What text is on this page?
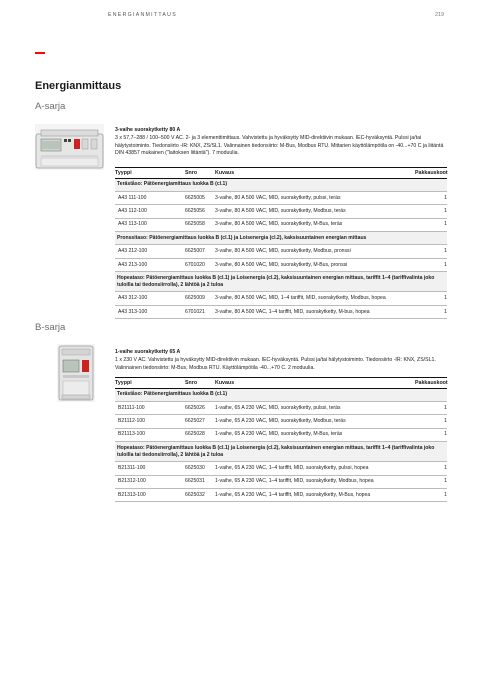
ENERGIANMITTAUS	219
Energianmittaus
A-sarja
3-vaihe suorakytketty 80 A
3 x 57,7–288 / 100–500 V AC. 2- ja 3 elementtimittaus. Vahvistettu ja hyväksytty MID-direktiivin mukaan. IEC-hyväksyntä. Pulssi ja/tai hälytystoiminto. Tiedonsiirto -IR: KNX, ZS/SL1. Valinnainen tiedonsiirto: M-Bus, Modbus RTU. Mittarien käyttölämpötila on -40...+70 C ja liitäntä DIN 43857 mukainen ("laitoksen liitäntä"). 7 moduulia.
Tyyppi	Snro	Kuvaus	Pakkauskoot
Teräståso: Pätöenergiamittaus luokka B (cl.1)			
A43 111-100	6625005	3-vaihe, 80 A 500 VAC, MID, suorakytketty, pulssi, teräs	1
A43 112-100	6625056	3-vaihe, 80 A 500 VAC, MID, suorakytketty, Modbus, teräs	1
A43 113-100	6625058	3-vaihe, 80 A 500 VAC, MID, suorakytketty, M-Bus, teräs	1
Pronssitaso: Pätöenergiamittaus luokka B (cl.1) ja Loisenergia (cl.2), kaksisuuntainen energian mittaus			
A43 212-100	6625007	3-vaihe, 80 A 500 VAC, MID, suorakytketty, Modbus, pronssi	1
A43 213-100	6701020	3-vaihe, 80 A 500 VAC, MID, suorakytketty, M-Bus, pronssi	1
Hopeataso: Pätöenergiamittaus luokka B (cl.1) ja Loisenergia (cl.2), kaksisuuntainen energian mittaus, tariffit 1–4 (tariffivalinta joko tuloilla tai tiedonsiirrolla), 2 lähtöä ja 2 tuloa			
A43 312-100	6625009	3-vaihe, 80 A 500 VAC, MID, 1–4 tariffit, MID, suorakytketty, Modbus, hopea	1
A43 313-100	6701021	3-vaihe, 80 A 500 VAC, 1–4 tariffit, MID, suorakytketty, M-bus, hopea	1
B-sarja
1-vaihe suorakytketty 65 A
1 x 230 V AC. Vahvistettu ja hyväksytty MID-direktiivin mukaan. IEC-hyväksyntä. Pulssi ja/tai hälytystoiminto. Tiedonsiirto -IR: KNX, ZS/SL1. Valinnainen tiedonsiirto: M-Bus, Modbus RTU. Käyttölämpötila -40...+70 C. 2 moduulia.
Tyyppi	Snro	Kuvaus	Pakkauskoot
Teräståso: Pätöenergiamittaus luokka B (cl.1)			
B21111-100	6625026	1-vaihe, 65 A 230 VAC, MID, suorakytketty, pulssi, teräs	1
B21112-100	6625027	1-vaihe, 65 A 230 VAC, MID, suorakytketty, Modbus, teräs	1
B21113-100	6625028	1-vaihe, 65 A 230 VAC, MID, suorakytketty, M-Bus, teräs	1
Hopeataso: Pätöenergiamittaus luokka B (cl.1) ja Loisenergia (cl.2), kaksisuuntainen energian mittaus, tariffit 1–4 (tariffivalinta joko tuloilla tai tiedonsiirrolla), 2 lähtöä ja 2 tuloa			
B21311-100	6625030	1-vaihe, 65 A 230 VAC, 1–4 tariffit, MID, suorakytketty, pulssi, hopea	1
B21312-100	6625031	1-vaihe, 65 A 230 VAC, 1–4 tariffit, MID, suorakytketty, Modbus, hopea	1
B21313-100	6625032	1-vaihe, 65 A 230 VAC, 1–4 tariffit, MID, suorakytketty, M-Bus, hopea	1
